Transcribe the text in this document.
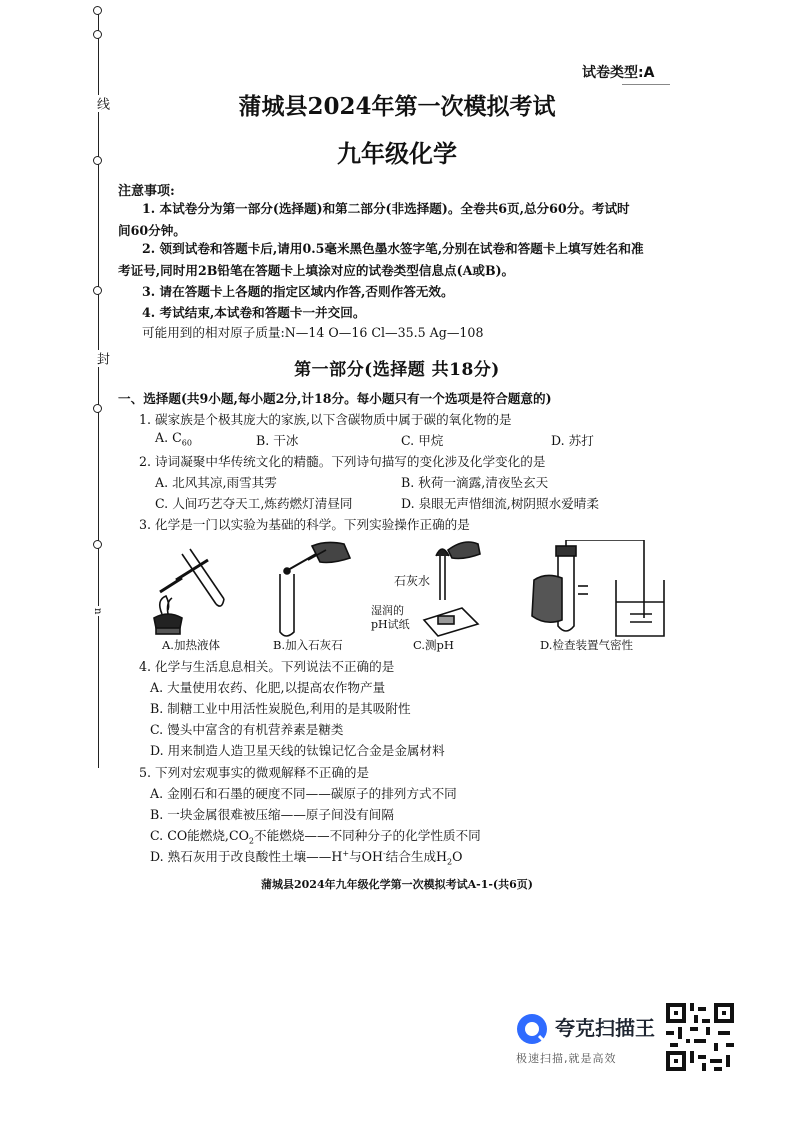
线
封
n
试卷类型:A
蒲城县2024年第一次模拟考试
九年级化学
注意事项:
1. 本试卷分为第一部分(选择题)和第二部分(非选择题)。全卷共6页,总分60分。考试时
间60分钟。
2. 领到试卷和答题卡后,请用0.5毫米黑色墨水签字笔,分别在试卷和答题卡上填写姓名和准
考证号,同时用2B铅笔在答题卡上填涂对应的试卷类型信息点(A或B)。
3. 请在答题卡上各题的指定区域内作答,否则作答无效。
4. 考试结束,本试卷和答题卡一并交回。
可能用到的相对原子质量:N—14 O—16 Cl—35.5 Ag—108
第一部分(选择题 共18分)
一、选择题(共9小题,每小题2分,计18分。每小题只有一个选项是符合题意的)
1. 碳家族是个极其庞大的家族,以下含碳物质中属于碳的氧化物的是
A. $C_{60}$	B. 干冰	C. 甲烷	D. 苏打
2. 诗词凝聚中华传统文化的精髓。下列诗句描写的变化涉及化学变化的是
A. 北风其凉,雨雪其雱	B. 秋荷一滴露,清夜坠玄天
C. 人间巧艺夺天工,炼药燃灯清昼同	D. 泉眼无声惜细流,树阴照水爱晴柔
3. 化学是一门以实验为基础的科学。下列实验操作正确的是
石灰水
湿润的
pH试纸
A.加热液体	B.加入石灰石	C.测pH	D.检查装置气密性
4. 化学与生活息息相关。下列说法不正确的是
A. 大量使用农药、化肥,以提高农作物产量
B. 制糖工业中用活性炭脱色,利用的是其吸附性
C. 馒头中富含的有机营养素是糖类
D. 用来制造人造卫星天线的钛镍记忆合金是金属材料
5. 下列对宏观事实的微观解释不正确的是
A. 金刚石和石墨的硬度不同——碳原子的排列方式不同
B. 一块金属很难被压缩——原子间没有间隔
C. CO能燃烧$,CO_2$不能燃烧——不同种分子的化学性质不同
D. 熟石灰用于改良酸性土壤——H+与OH-结合生成$H_2O$
蒲城县2024年九年级化学第一次模拟考试A-1-(共6页)
夸克扫描王
极速扫描,就是高效
